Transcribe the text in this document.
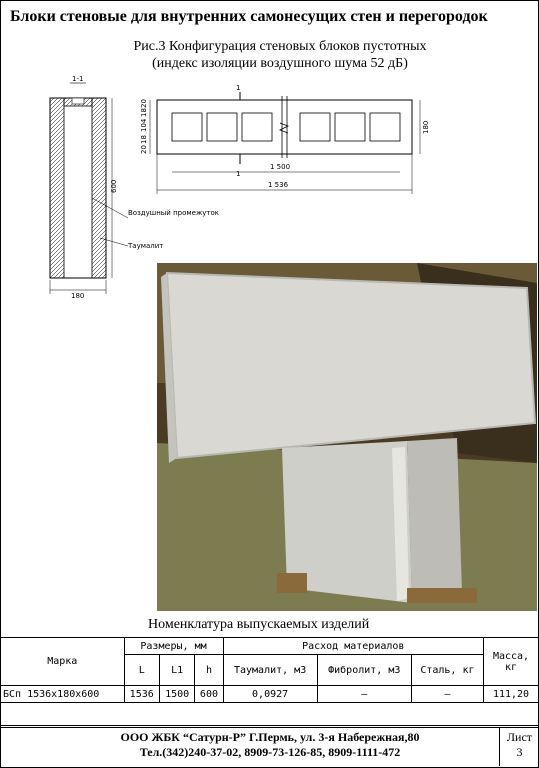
Блоки стеновые для внутренних самонесущих стен и перегородок
Рис.3 Конфигурация стеновых блоков пустотных
(индекс изоляции воздушного шума 52 дБ)
1-1
600
180
Воздушный промежуток
Таумалит
1
1
20
18
104
18
20
180
1 500
1 536
Номенклатура выпускаемых изделий
Марка	Размеры, мм			Расход материалов			Масса, кг
	L	L1	h	Таумалит, м3	Фибролит, м3	Сталь, кг	
БСп 1536х180х600	1536	1500	600	0,0927	–	–	111,20

ООО ЖБК “Сатурн-Р” Г.Пермь, ул. 3-я Набережная,80
Тел.(342)240-37-02, 8909-73-126-85, 8909-1111-472
Лист
3
